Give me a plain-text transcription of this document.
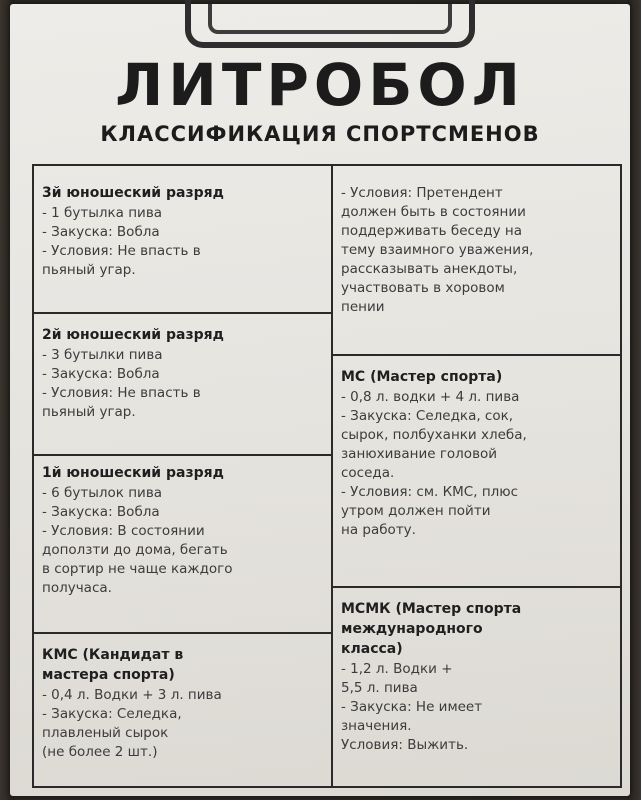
ЛИТРОБОЛ
КЛАССИФИКАЦИЯ СПОРТСМЕНОВ
3й юношеский разряд
- 1 бутылка пива
- Закуска: Вобла
- Условия: Не впасть в
пьяный угар.
2й юношеский разряд
- 3 бутылки пива
- Закуска: Вобла
- Условия: Не впасть в
пьяный угар.
1й юношеский разряд
- 6 бутылок пива
- Закуска: Вобла
- Условия: В состоянии
доползти до дома, бегать
в сортир не чаще каждого
получаса.
КМС (Кандидат в
мастера спорта)
- 0,4 л. Водки + 3 л. пива
- Закуска: Селедка,
плавленый сырок
(не более 2 шт.)
- Условия: Претендент
должен быть в состоянии
поддерживать беседу на
тему взаимного уважения,
рассказывать анекдоты,
участвовать в хоровом
пении
МС (Мастер спорта)
- 0,8 л. водки + 4 л. пива
- Закуска: Селедка, сок,
сырок, полбуханки хлеба,
занюхивание головой
соседа.
- Условия: см. КМС, плюс
утром должен пойти
на работу.
МСМК (Мастер спорта
международного
класса)
- 1,2 л. Водки +
5,5 л. пива
- Закуска: Не имеет
значения.
Условия: Выжить.
